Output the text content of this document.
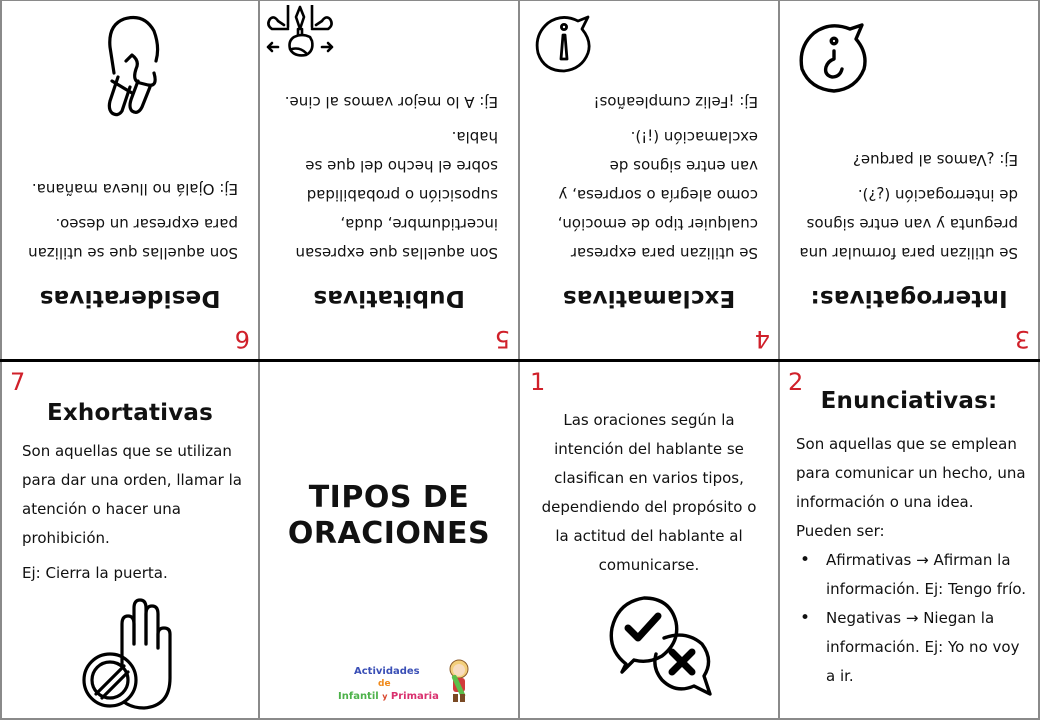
6
Desiderativas

Son aquellas que se utilizan para expresar un deseo.

Ej: Ojalá no llueva mañana.

5
Dubitativas

Son aquellas que expresan incertidumbre, duda, suposición o probabilidad sobre el hecho del que se habla.

Ej: A lo mejor vamos al cine.

4
Exclamativas

Se utilizan para expresar cualquier tipo de emoción, como alegría o sorpresa, y van entre signos de exclamación (¡!).

Ej: ¡Feliz cumpleaños!

3
Interrogativas:

Se utilizan para formular una pregunta y van entre signos de interrogación (¿?).

Ej: ¿Vamos al parque?

7
Exhortativas

Son aquellas que se utilizan para dar una orden, llamar la atención o hacer una prohibición.

Ej: Cierra la puerta.

TIPOS DE
ORACIONES
Actividades
de
Infantil y Primaria
1
Las oraciones según la intención del hablante se clasifican en varios tipos, dependiendo del propósito o la actitud del hablante al comunicarse.
2
Enunciativas:

Son aquellas que se emplean para comunicar un hecho, una información o una idea.

Pueden ser:

• Afirmativas → Afirman la información. Ej: Tengo frío.
• Negativas → Niegan la información. Ej: Yo no voy a ir.
